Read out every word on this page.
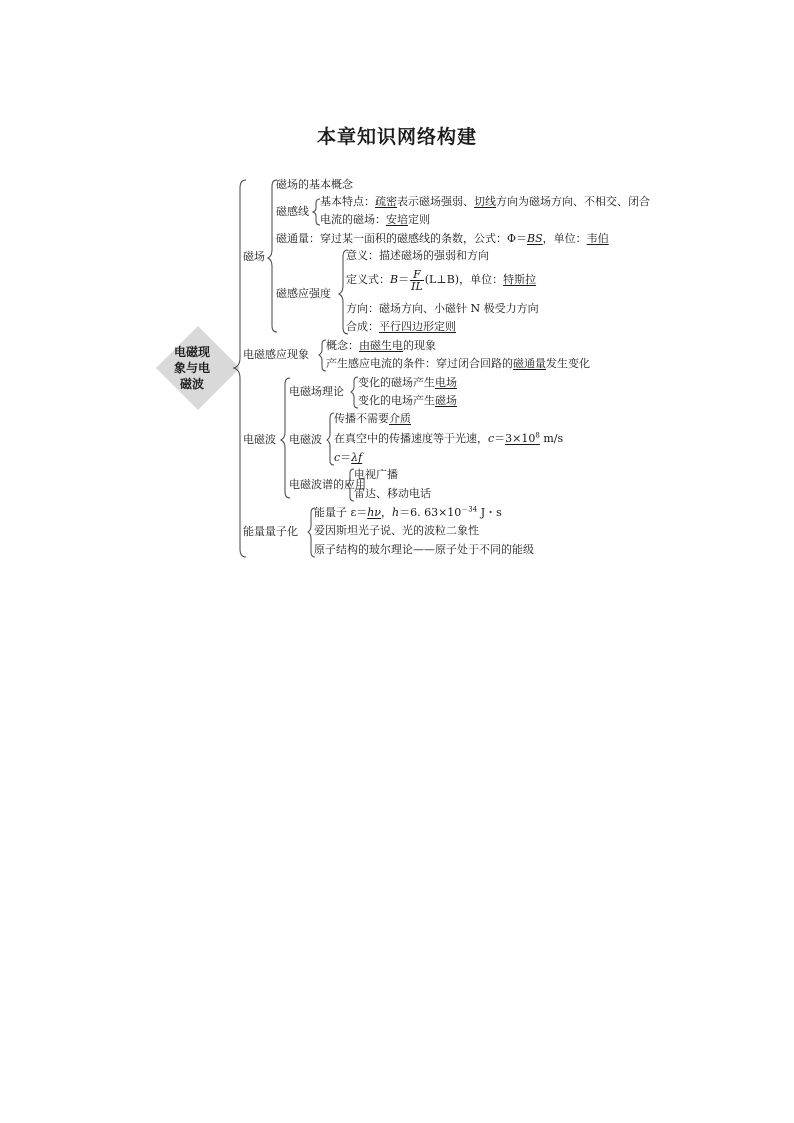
本章知识网络构建
电磁现
象与电
磁波
磁场
磁场的基本概念
磁感线
基本特点：疏密表示磁场强弱、切线方向为磁场方向、不相交、闭合
电流的磁场：安培定则
磁通量：穿过某一面积的磁感线的条数，公式：Φ＝BS，单位：韦伯
磁感应强度
意义：描述磁场的强弱和方向
定义式：$B= \frac{F}{IL}$ (L⊥B)，单位：特斯拉
方向：磁场方向、小磁针 N 极受力方向
合成：平行四边形定则
电磁感应现象
概念：由磁生电的现象
产生感应电流的条件：穿过闭合回路的磁通量发生变化
电磁波
电磁场理论
变化的磁场产生电场
变化的电场产生磁场
电磁波
传播不需要介质
在真空中的传播速度等于光速，$c=3\times 10^8$ m/s
c＝λf
电磁波谱的应用
电视广播
雷达、移动电话
能量量子化
能量子 ε＝hν，h＝6. $63\times 10^{-34}$ J・s
爱因斯坦光子说、光的波粒二象性
原子结构的玻尔理论——原子处于不同的能级
